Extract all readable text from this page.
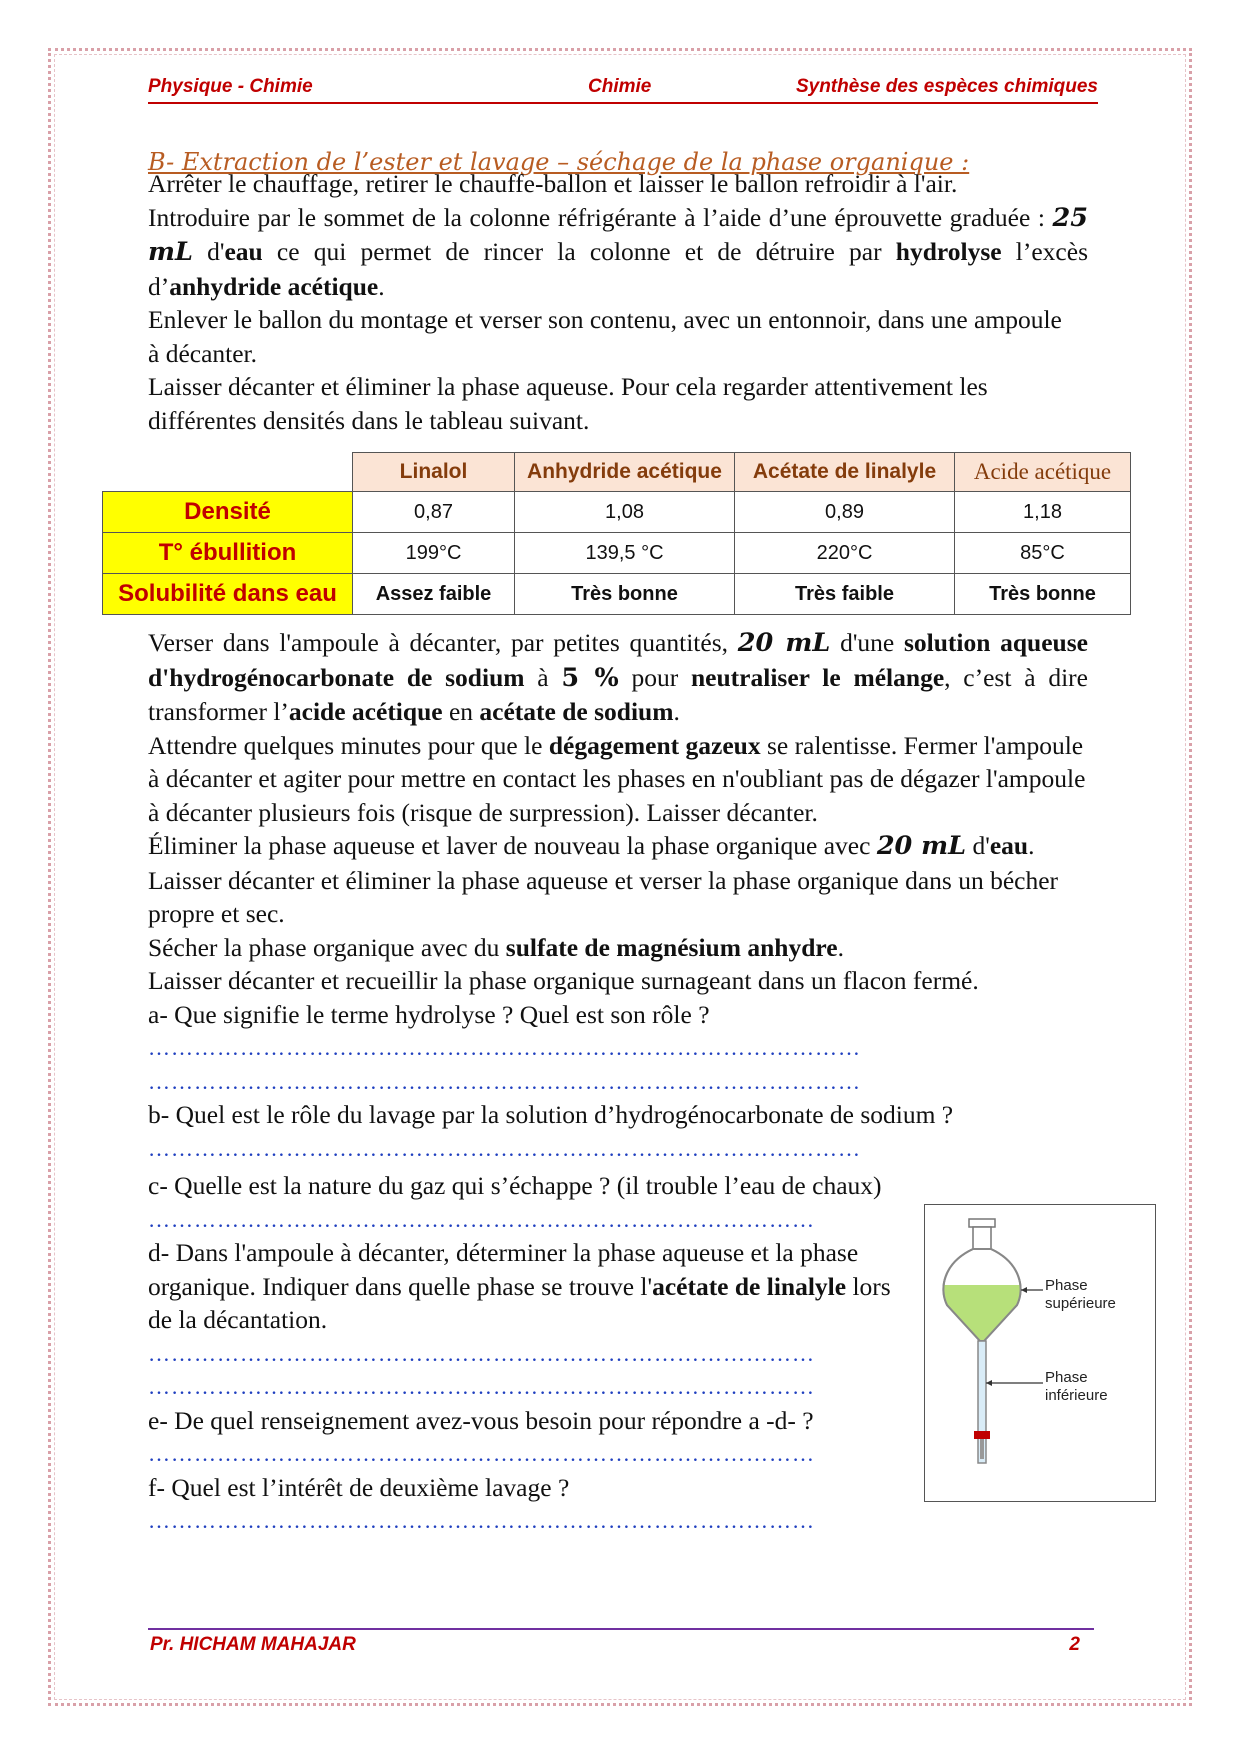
Physique - Chimie	Chimie	Synthèse des espèces chimiques
B- Extraction de l’ester et lavage – séchage de la phase organique :

Arrêter le chauffage, retirer le chauffe-ballon et laisser le ballon refroidir à l'air.

Introduire par le sommet de la colonne réfrigérante à l’aide d’une éprouvette graduée : 25 mL d'eau ce qui permet de rincer la colonne et de détruire par hydrolyse l’excès d’anhydride acétique.

Enlever le ballon du montage et verser son contenu, avec un entonnoir, dans une ampoule à décanter.

Laisser décanter et éliminer la phase aqueuse. Pour cela regarder attentivement les différentes densités dans le tableau suivant.

	Linalol	Anhydride acétique	Acétate de linalyle	Acide acétique
Densité	0,87	1,08	0,89	1,18
T° ébullition	199°C	139,5 °C	220°C	85°C
Solubilité dans eau	Assez faible	Très bonne	Très faible	Très bonne

Verser dans l'ampoule à décanter, par petites quantités, 20 mL d'une solution aqueuse d'hydrogénocarbonate de sodium à 5 % pour neutraliser le mélange, c’est à dire transformer l’acide acétique en acétate de sodium.

Attendre quelques minutes pour que le dégagement gazeux se ralentisse. Fermer l'ampoule à décanter et agiter pour mettre en contact les phases en n'oubliant pas de dégazer l'ampoule à décanter plusieurs fois (risque de surpression). Laisser décanter.

Éliminer la phase aqueuse et laver de nouveau la phase organique avec 20 mL d'eau.

Laisser décanter et éliminer la phase aqueuse et verser la phase organique dans un bécher propre et sec.

Sécher la phase organique avec du sulfate de magnésium anhydre.

Laisser décanter et recueillir la phase organique surnageant dans un flacon fermé.

a- Que signifie le terme hydrolyse ? Quel est son rôle ?

…………………………………………………………………………………

…………………………………………………………………………………

b- Quel est le rôle du lavage par la solution d’hydrogénocarbonate de sodium ?

…………………………………………………………………………………

c- Quelle est la nature du gaz qui s’échappe ? (il trouble l’eau de chaux)

……………………………………………………………………………

d- Dans l'ampoule à décanter, déterminer la phase aqueuse et la phase organique. Indiquer dans quelle phase se trouve l'acétate de linalyle lors de la décantation.

……………………………………………………………………………

……………………………………………………………………………

e- De quel renseignement avez-vous besoin pour répondre a -d- ?

……………………………………………………………………………

f- Quel est l’intérêt de deuxième lavage ?

……………………………………………………………………………

Phase
supérieure
Phase
inférieure
Pr. HICHAM MAHAJAR	2
